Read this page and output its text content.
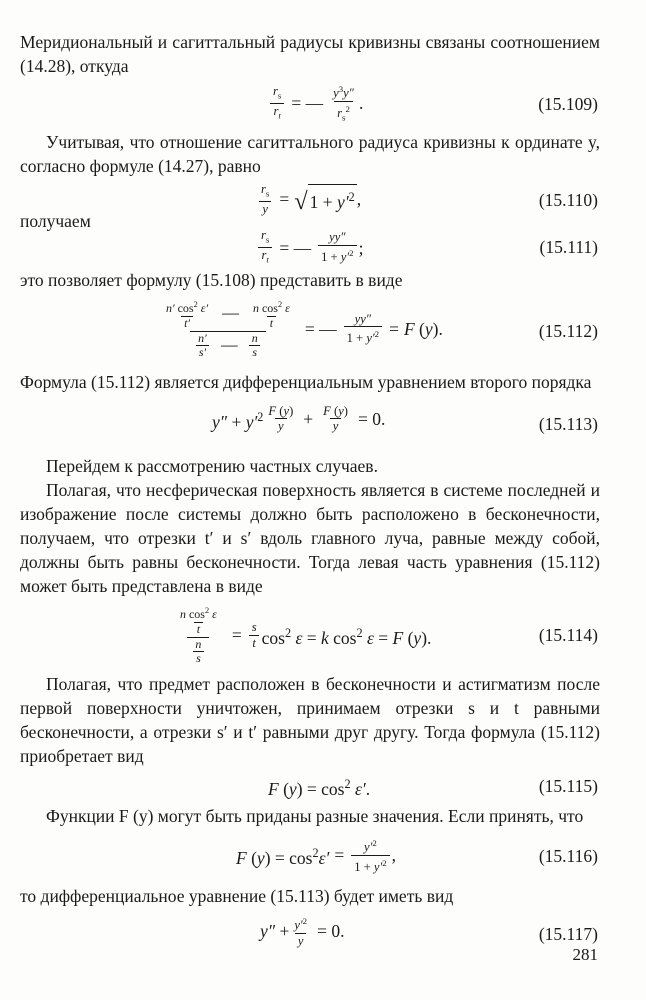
Меридиональный и сагиттальный радиусы кривизны связаны соотношением (14.28), откуда

$\frac{r_s}{r_t}$ = — $\frac{y^3y''}{r_s^2}$ .	(15.109)

Учитывая, что отношение сагиттального радиуса кривизны к ординате y, согласно формуле (14.27), равно

$\frac{r_s}{y}$ = √ $1 + y'^2$ ,	(15.110)

получаем

$\frac{r_s}{r_t}$ = — $\frac{yy''}{1 + y'^2}$ ;	(15.111)

это позволяет формулу (15.108) представить в виде

$\frac{\frac{n' \cos^2 \varepsilon'}{t'} — \frac{n \cos^2 \varepsilon}{t}}{\frac{n'}{s'} — \frac{n}{s}}$ = — $\frac{yy''}{1 + y'^2} = F$ (y).	(15.112)

Формула (15.112) является дифференциальным уравнением второго порядка

$y'' + y'^2 \frac{F (y)}{y} + \frac{F (y)}{y} = 0$.	(15.113)

Перейдем к рассмотрению частных случаев.

Полагая, что несферическая поверхность является в системе последней и изображение после системы должно быть расположено в бесконечности, получаем, что отрезки t′ и s′ вдоль главного луча, равные между собой, должны быть равны бесконечности. Тогда левая часть уравнения (15.112) может быть представлена в виде

$\frac{\frac{n \cos^2 \varepsilon}{t}}{\frac{n}{s}} = \frac{s}{t} \cos^2 \varepsilon = k$ $\cos^2 \varepsilon = F$ (y).	(15.114)

Полагая, что предмет расположен в бесконечности и астигматизм после первой поверхности уничтожен, принимаем отрезки s и t равными бесконечности, а отрезки s′ и t′ равными друг другу. Тогда формула (15.112) приобретает вид

F $(y) = \cos^2 \varepsilon'$.	(15.115)

Функции F (y) могут быть приданы разные значения. Если принять, что

F $(y) = \cos^2\varepsilon' = \frac{y'^2}{1 + y'^2}$ ,	(15.116)

то дифференциальное уравнение (15.113) будет иметь вид

$y'' + \frac{y'^2}{y} = 0$.	(15.117)
281
